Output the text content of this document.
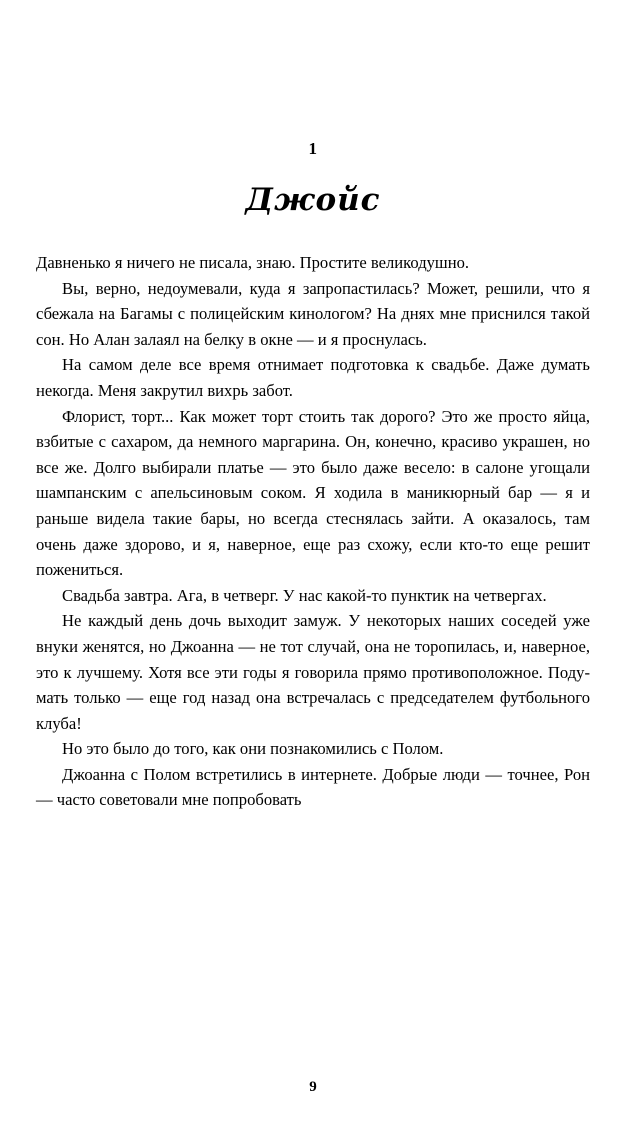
1
Джойс

Давненько я ничего не писала, знаю. Простите великодушно.

Вы, верно, недоумевали, куда я запропастилась? Может, решили, что я сбежала на Багамы с полицейским кинологом? На днях мне приснился такой сон. Но Алан залаял на белку в окне — и я проснулась.

На самом деле все время отнимает подготовка к свадьбе. Даже думать некогда. Меня закрутил вихрь забот.

Флорист, торт... Как может торт стоить так дорого? Это же просто яйца, взбитые с сахаром, да немного маргарина. Он, конечно, красиво украшен, но все же. Долго выбирали платье — это было даже весело: в салоне угощали шампанским с апельсиновым соком. Я ходила в маникюрный бар — я и раньше видела такие бары, но всегда стеснялась зайти. А оказалось, там очень даже здорово, и я, наверное, еще раз схожу, если кто-то еще решит пожениться.

Свадьба завтра. Ага, в четверг. У нас какой-то пунктик на четвергах.

Не каждый день дочь выходит замуж. У некоторых наших соседей уже внуки женятся, но Джоанна — не тот случай, она не торопилась, и, наверное, это к лучшему. Хотя все эти годы я говорила прямо противоположное. Подумать только — еще год назад она встречалась с председателем футбольного клуба!

Но это было до того, как они познакомились с Полом.

Джоанна с Полом встретились в интернете. Добрые люди — точнее, Рон — часто советовали мне попробовать

9
